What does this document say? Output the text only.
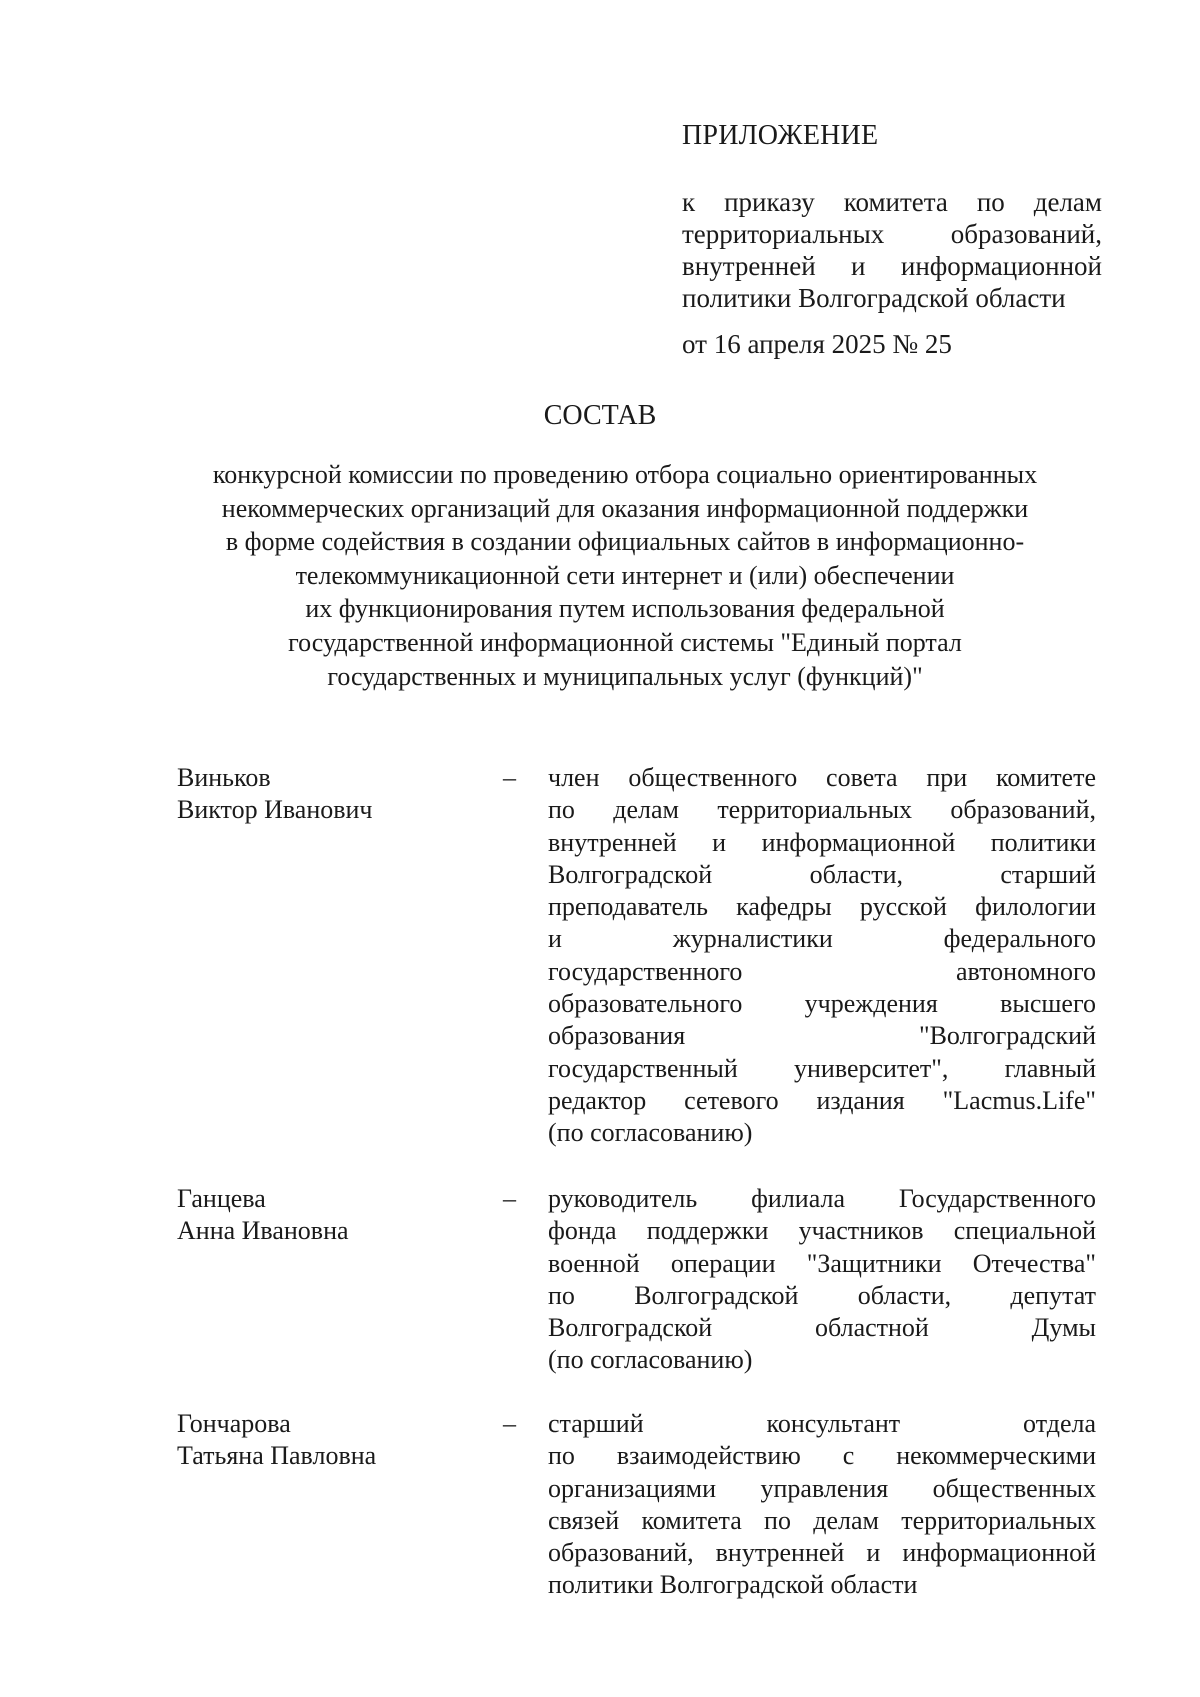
ПРИЛОЖЕНИЕ
к приказу комитета по делам
территориальных образований,
внутренней и информационной
политики Волгоградской области
от 16 апреля 2025 № 25
СОСТАВ
конкурсной комиссии по проведению отбора социально ориентированных
некоммерческих организаций для оказания информационной поддержки
в форме содействия в создании официальных сайтов в информационно-
телекоммуникационной сети интернет и (или) обеспечении
их функционирования путем использования федеральной
государственной информационной системы "Единый портал
государственных и муниципальных услуг (функций)"
Виньков
Виктор Иванович
– член общественного совета при комитете
по делам территориальных образований,
внутренней и информационной политики
Волгоградской области, старший
преподаватель кафедры русской филологии
и журналистики федерального
государственного автономного
образовательного учреждения высшего
образования "Волгоградский
государственный университет", главный
редактор сетевого издания "Lacmus.Life"
(по согласованию)
Ганцева
Анна Ивановна
– руководитель филиала Государственного
фонда поддержки участников специальной
военной операции "Защитники Отечества"
по Волгоградской области, депутат
Волгоградской областной Думы
(по согласованию)
Гончарова
Татьяна Павловна
– старший консультант отдела
по взаимодействию с некоммерческими
организациями управления общественных
связей комитета по делам территориальных
образований, внутренней и информационной
политики Волгоградской области
